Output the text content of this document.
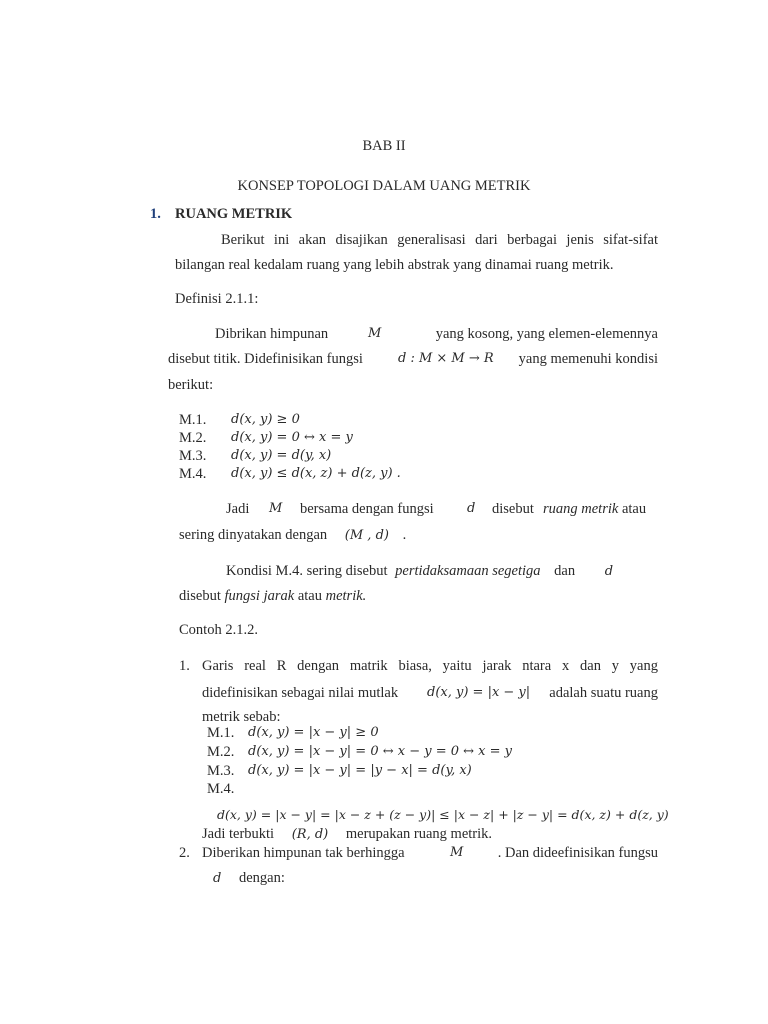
BAB II
KONSEP TOPOLOGI DALAM UANG METRIK
1. RUANG METRIK
Berikut ini akan disajikan generalisasi dari berbagai jenis sifat-sifat
bilangan real kedalam ruang yang lebih abstrak yang dinamai ruang metrik.
Definisi 2.1.1:
Dibrikan himpunan	M	yang kosong, yang elemen-elemennya
disebut titik. Didefinisikan fungsi	d : M × M → R yang memenuhi kondisi
berikut:
M.1. d(x, y) ≥ 0
M.2. d(x, y) = 0 ↔ x = y
M.3. d(x, y) = d(y, x)
M.4. d(x, y) ≤ d(x, z) + d(z, y) .
Jadi M bersama dengan fungsi	d disebut ruang metrik atau
sering dinyatakan dengan (M , d) .
Kondisi M.4. sering disebut pertidaksamaan segetiga dan d
disebut fungsi jarak atau metrik.
Contoh 2.1.2.
1. Garis real R dengan matrik biasa, yaitu jarak ntara x dan y yang
didefinisikan sebagai nilai mutlak d(x, y) = |x − y| adalah suatu ruang
metrik sebab:
M.1. d(x, y) = |x − y| ≥ 0
M.2. d(x, y) = |x − y| = 0 ↔ x − y = 0 ↔ x = y
M.3. d(x, y) = |x − y| = |y − x| = d(y, x)
M.4.
d(x, y) = |x − y| = |x − z + (z − y)| ≤ |x − z| + |z − y| = d(x, z) + d(z, y)
Jadi terbukti (R, d) merupakan ruang metrik.
2. Diberikan himpunan tak berhingga	M . Dan dideefinisikan fungsu
d dengan:
